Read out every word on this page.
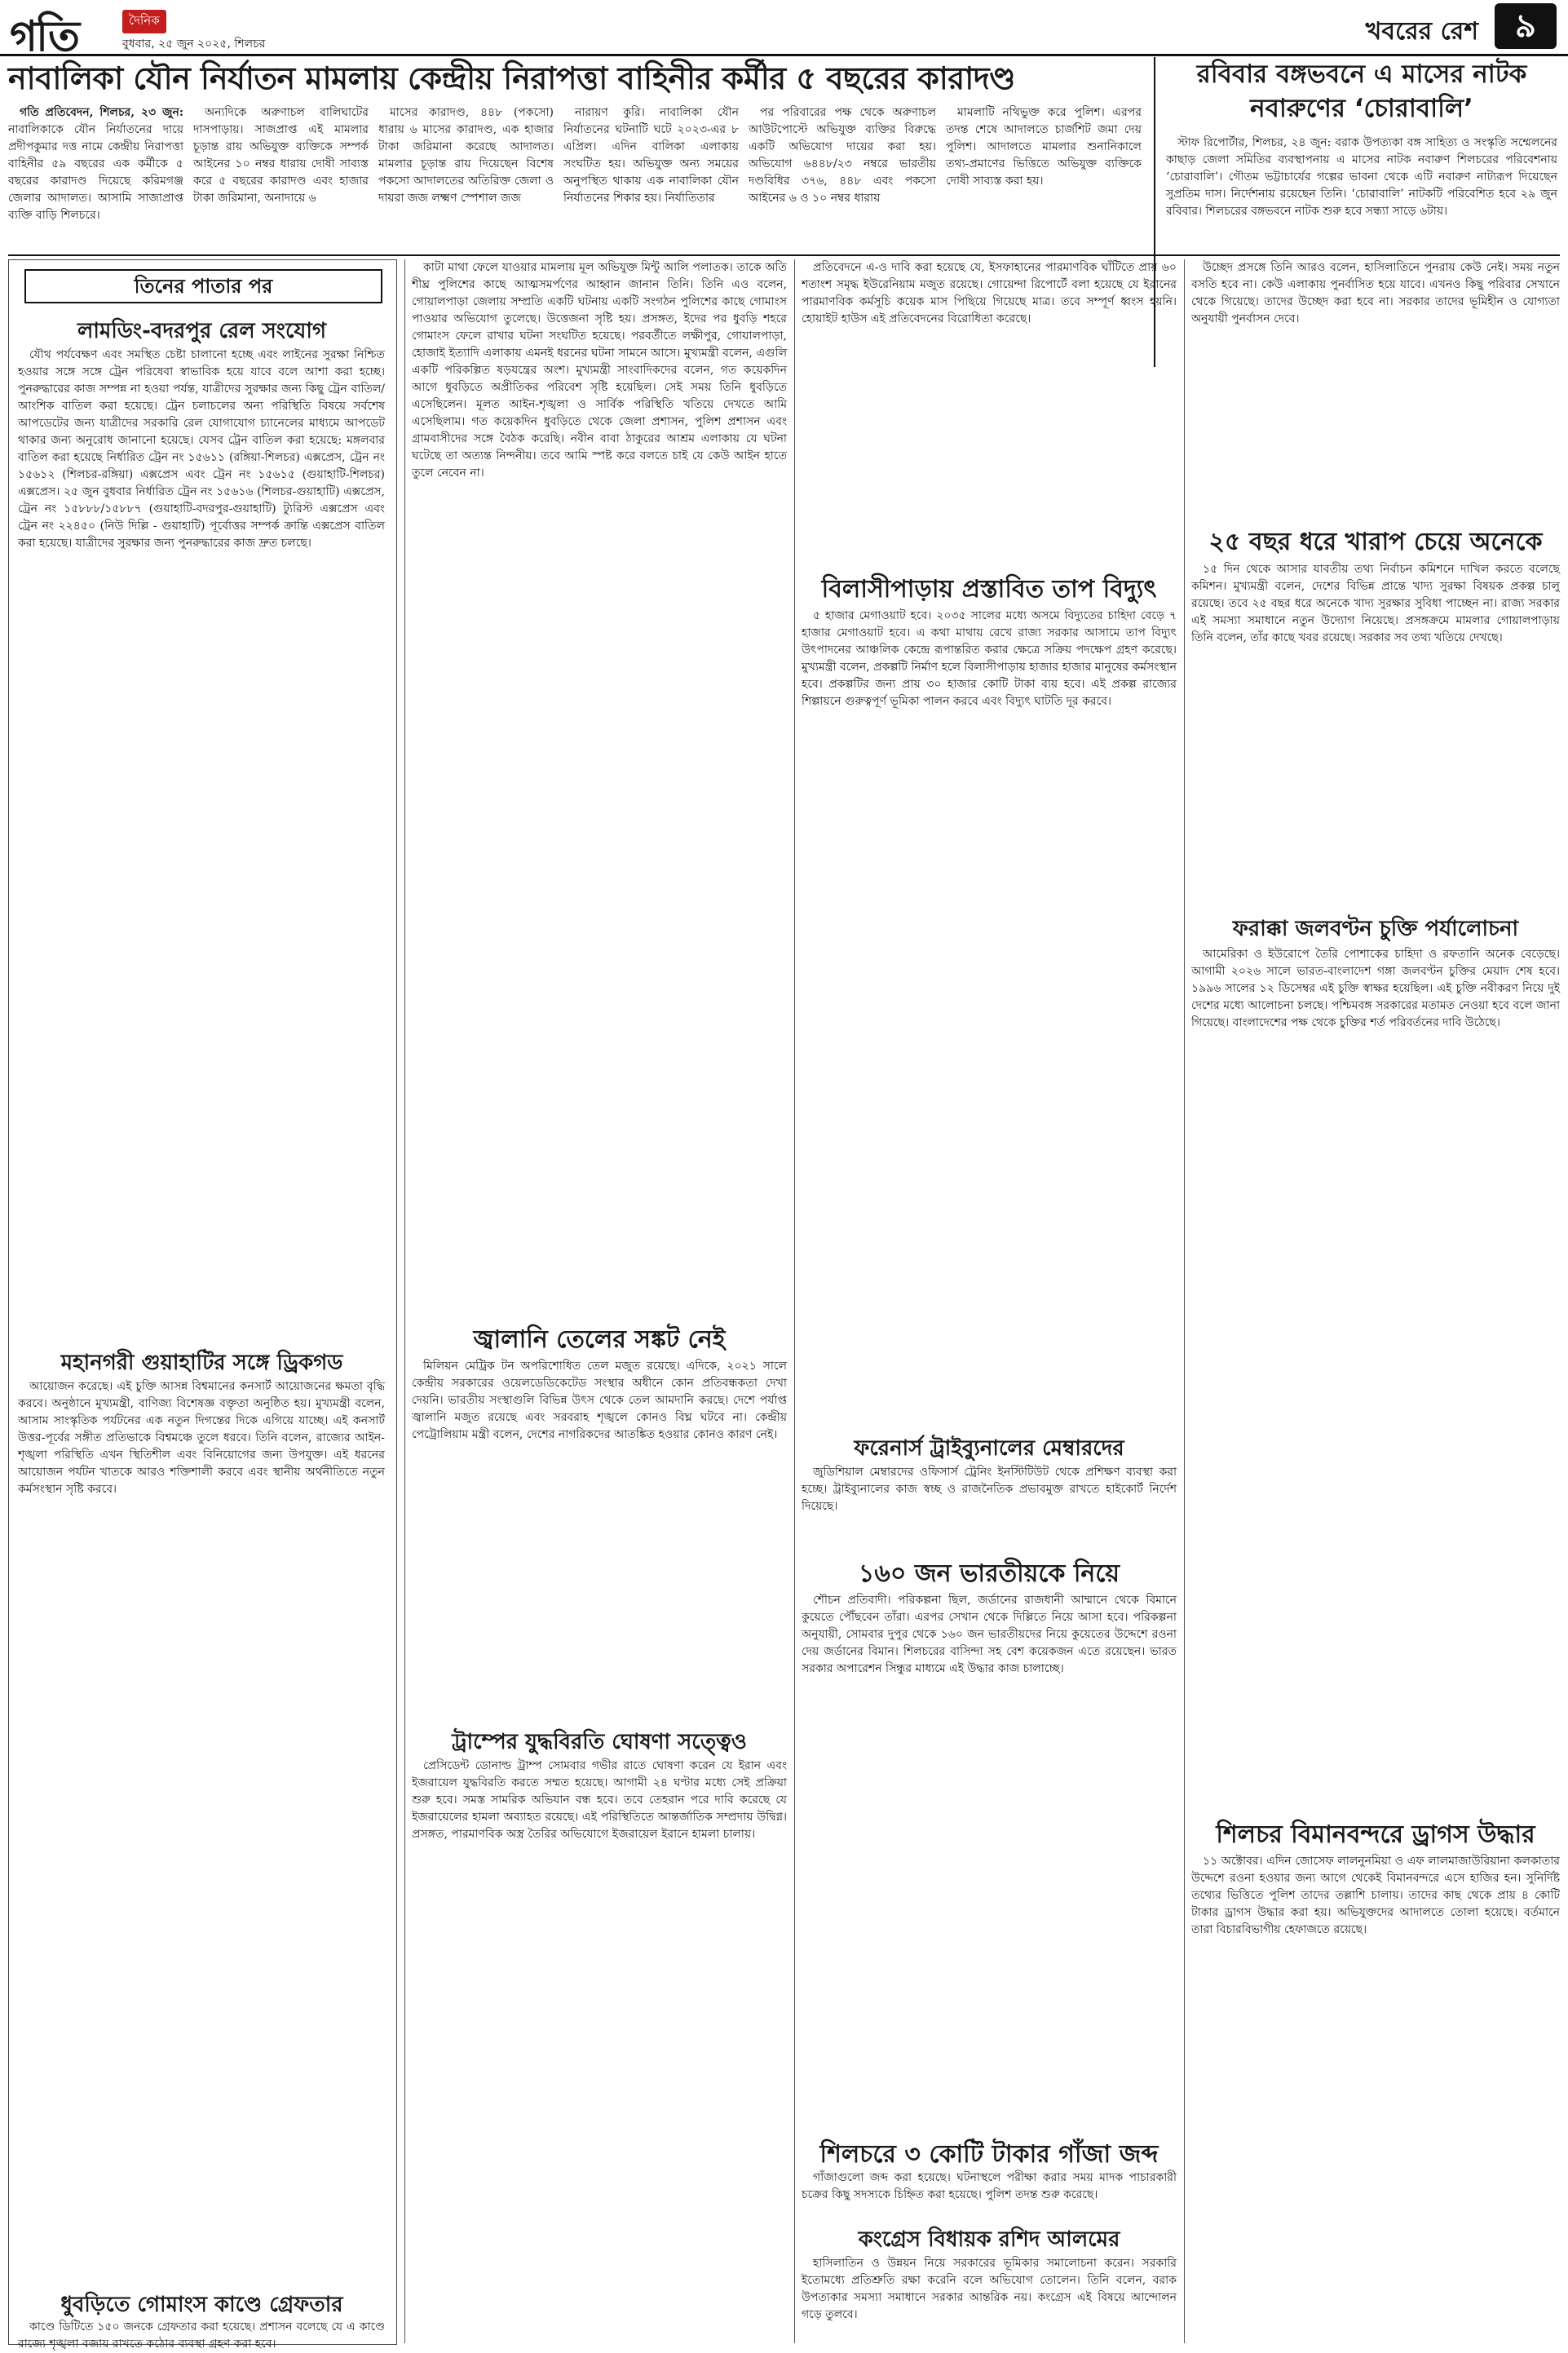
গতি	দৈনিক
বুধবার, ২৫ জুন ২০২৫, শিলচর	খবরের রেশ	৯
নাবালিকা যৌন নির্যাতন মামলায় কেন্দ্রীয় নিরাপত্তা বাহিনীর কর্মীর ৫ বছরের কারাদণ্ড

গতি প্রতিবেদন, শিলচর, ২৩ জুন: নাবালিকাকে যৌন নির্যাতনের দায়ে প্রদীপকুমার দত্ত নামে কেন্দ্রীয় নিরাপত্তা বাহিনীর ৫৯ বছরের এক কর্মীকে ৫ বছরের কারাদণ্ড দিয়েছে করিমগঞ্জ জেলার আদালত। আসামি সাজাপ্রাপ্ত ব্যক্তি বাড়ি শিলচরে।

অন্যদিকে অরুণাচল বালিঘাটের দাসপাড়ায়। সাজপ্রাপ্ত এই মামলার চূড়ান্ত রায় অভিযুক্ত ব্যক্তিকে সম্পর্ক আইনের ১০ নম্বর ধারায় দোষী সাব্যস্ত করে ৫ বছরের কারাদণ্ড এবং হাজার টাকা জরিমানা, অনাদায়ে ৬

মাসের কারাদণ্ড, ৪৪৮ (পকসো) ধারায় ৬ মাসের কারাদণ্ড, এক হাজার টাকা জরিমানা করেছে আদালত। মামলার চূড়ান্ত রায় দিয়েছেন বিশেষ পকসো আদালতের অতিরিক্ত জেলা ও দায়রা জজ লক্ষ্মণ স্পেশাল জজ

নারায়ণ কুরি। নাবালিকা যৌন নির্যাতনের ঘটনাটি ঘটে ২০২৩-এর ৮ এপ্রিল। এদিন বালিকা এলাকায় সংঘটিত হয়। অভিযুক্ত অন্য সময়ের অনুপস্থিত থাকায় এক নাবালিকা যৌন নির্যাতনের শিকার হয়। নির্যাতিতার

পর পরিবারের পক্ষ থেকে অরুণাচল আউটপোস্টে অভিযুক্ত ব্যক্তির বিরুদ্ধে একটি অভিযোগ দায়ের করা হয়। অভিযোগ ৬৪৪৮/২৩ নম্বরে ভারতীয় দণ্ডবিধির ৩৭৬, ৪৪৮ এবং পকসো আইনের ৬ ও ১০ নম্বর ধারায়

মামলাটি নথিভুক্ত করে পুলিশ। এরপর তদন্ত শেষে আদালতে চার্জশিট জমা দেয় পুলিশ। আদালতে মামলার শুনানিকালে তথ্য-প্রমাণের ভিত্তিতে অভিযুক্ত ব্যক্তিকে দোষী সাব্যস্ত করা হয়।

রবিবার বঙ্গভবনে এ মাসের নাটক নবারুণের ‘চোরাবালি’

স্টাফ রিপোর্টার, শিলচর, ২৪ জুন: বরাক উপত্যকা বঙ্গ সাহিত্য ও সংস্কৃতি সম্মেলনের কাছাড় জেলা সমিতির ব্যবস্থাপনায় এ মাসের নাটক নবারুণ শিলচরের পরিবেশনায় ‘চোরাবালি’। গৌতম ভট্টাচার্যের গল্পের ভাবনা থেকে এটি নবারুণ নাট্যরূপ দিয়েছেন সুপ্রতিম দাস। নির্দেশনায় রয়েছেন তিনি। ‘চোরাবালি’ নাটকটি পরিবেশিত হবে ২৯ জুন রবিবার। শিলচরের বঙ্গভবনে নাটক শুরু হবে সন্ধ্যা সাড়ে ৬টায়।

তিনের পাতার পর
লামডিং-বদরপুর রেল সংযোগ

যৌথ পর্যবেক্ষণ এবং সমস্থিত চেষ্টা চালানো হচ্ছে এবং লাইনের সুরক্ষা নিশ্চিত হওয়ার সঙ্গে সঙ্গে ট্রেন পরিষেবা স্বাভাবিক হয়ে যাবে বলে আশা করা হচ্ছে। পুনরুদ্ধারের কাজ সম্পন্ন না হওয়া পর্যন্ত, যাত্রীদের সুরক্ষার জন্য কিছু ট্রেন বাতিল/আংশিক বাতিল করা হয়েছে। ট্রেন চলাচলের অন্য পরিস্থিতি বিষয়ে সর্বশেষ আপডেটের জন্য যাত্রীদের সরকারি রেল যোগাযোগ চ্যানেলের মাধ্যমে আপডেট থাকার জন্য অনুরোধ জানানো হয়েছে। যেসব ট্রেন বাতিল করা হয়েছে: মঙ্গলবার বাতিল করা হয়েছে নির্ধারিত ট্রেন নং ১৫৬১১ (রঙ্গিয়া-শিলচর) এক্সপ্রেস, ট্রেন নং ১৫৬১২ (শিলচর-রঙ্গিয়া) এক্সপ্রেস এবং ট্রেন নং ১৫৬১৫ (গুয়াহাটি-শিলচর) এক্সপ্রেস। ২৫ জুন বুধবার নির্ধারিত ট্রেন নং ১৫৬১৬ (শিলচর-গুয়াহাটি) এক্সপ্রেস, ট্রেন নং ১৫৮৮৮/১৫৮৮৭ (গুয়াহাটি-বদরপুর-গুয়াহাটি) ট্যুরিস্ট এক্সপ্রেস এবং ট্রেন নং ২২৪৫০ (নিউ দিল্লি - গুয়াহাটি) পূর্বোত্তর সম্পর্ক ক্রান্তি এক্সপ্রেস বাতিল করা হয়েছে। যাত্রীদের সুরক্ষার জন্য পুনরুদ্ধারের কাজ দ্রুত চলছে।

মহানগরী গুয়াহাটির সঙ্গে ড্রিকগড

আয়োজন করেছে। এই চুক্তি আসন্ন বিশ্বমানের কনসার্ট আয়োজনের ক্ষমতা বৃদ্ধি করবে। অনুষ্ঠানে মুখ্যমন্ত্রী, বাণিজ্য বিশেষজ্ঞ বক্তৃতা অনুষ্ঠিত হয়। মুখ্যমন্ত্রী বলেন, আসাম সাংস্কৃতিক পর্যটনের এক নতুন দিগন্তের দিকে এগিয়ে যাচ্ছে। এই কনসার্ট উত্তর-পূর্বের সঙ্গীত প্রতিভাকে বিশ্বমঞ্চে তুলে ধরবে। তিনি বলেন, রাজ্যের আইন-শৃঙ্খলা পরিস্থিতি এখন স্থিতিশীল এবং বিনিয়োগের জন্য উপযুক্ত। এই ধরনের আয়োজন পর্যটন খাতকে আরও শক্তিশালী করবে এবং স্থানীয় অর্থনীতিতে নতুন কর্মসংস্থান সৃষ্টি করবে।

ধুবড়িতে গোমাংস কাণ্ডে গ্রেফতার

কাণ্ডে ডিটিতে ১৫০ জনকে গ্রেফতার করা হয়েছে। প্রশাসন বলেছে যে এ কাণ্ডে রাজ্যে শৃঙ্খলা বজায় রাখতে কঠোর ব্যবস্থা গ্রহণ করা হবে।

কাটা মাথা ফেলে যাওয়ার মামলায় মূল অভিযুক্ত মিন্টু আলি পলাতক। তাকে অতি শীঘ্র পুলিশের কাছে আত্মসমর্পণের আহ্বান জানান তিনি। তিনি এও বলেন, গোয়ালপাড়া জেলায় সম্প্রতি একটি ঘটনায় একটি সংগঠন পুলিশের কাছে গোমাংস পাওয়ার অভিযোগ তুলেছে। উত্তেজনা সৃষ্টি হয়। প্রসঙ্গত, ইদের পর ধুবড়ি শহরে গোমাংস ফেলে রাখার ঘটনা সংঘটিত হয়েছে। পরবর্তীতে লক্ষীপুর, গোয়ালপাড়া, হোজাই ইত্যাদি এলাকায় এমনই ধরনের ঘটনা সামনে আসে। মুখ্যমন্ত্রী বলেন, এগুলি একটি পরিকল্পিত ষড়যন্ত্রের অংশ। মুখ্যমন্ত্রী সাংবাদিকদের বলেন, গত কয়েকদিন আগে ধুবড়িতে অপ্রীতিকর পরিবেশ সৃষ্টি হয়েছিল। সেই সময় তিনি ধুবড়িতে এসেছিলেন। মূলত আইন-শৃঙ্খলা ও সার্বিক পরিস্থিতি খতিয়ে দেখতে আমি এসেছিলাম। গত কয়েকদিন ধুবড়িতে থেকে জেলা প্রশাসন, পুলিশ প্রশাসন এবং গ্রামবাসীদের সঙ্গে বৈঠক করেছি। নবীন বাবা ঠাকুরের আশ্রম এলাকায় যে ঘটনা ঘটেছে তা অত্যন্ত নিন্দনীয়। তবে আমি স্পষ্ট করে বলতে চাই যে কেউ আইন হাতে তুলে নেবেন না।

জ্বালানি তেলের সঙ্কট নেই

মিলিয়ন মেট্রিক টন অপরিশোধিত তেল মজুত রয়েছে। এদিকে, ২০২১ সালে কেন্দ্রীয় সরকারের ওয়েলডেডিকেটেড সংস্থার অধীনে কোন প্রতিবন্ধকতা দেখা দেয়নি। ভারতীয় সংস্থাগুলি বিভিন্ন উৎস থেকে তেল আমদানি করছে। দেশে পর্যাপ্ত জ্বালানি মজুত রয়েছে এবং সরবরাহ শৃঙ্খলে কোনও বিঘ্ন ঘটবে না। কেন্দ্রীয় পেট্রোলিয়াম মন্ত্রী বলেন, দেশের নাগরিকদের আতঙ্কিত হওয়ার কোনও কারণ নেই।

ট্রাম্পের যুদ্ধবিরতি ঘোষণা সত্ত্বেও

প্রেসিডেন্ট ডোনাল্ড ট্রাম্প সোমবার গভীর রাতে ঘোষণা করেন যে ইরান এবং ইজরায়েল যুদ্ধবিরতি করতে সম্মত হয়েছে। আগামী ২৪ ঘণ্টার মধ্যে সেই প্রক্রিয়া শুরু হবে। সমস্ত সামরিক অভিযান বন্ধ হবে। তবে তেহরান পরে দাবি করেছে যে ইজরায়েলের হামলা অব্যাহত রয়েছে। এই পরিস্থিতিতে আন্তর্জাতিক সম্প্রদায় উদ্বিগ্ন। প্রসঙ্গত, পারমাণবিক অস্ত্র তৈরির অভিযোগে ইজরায়েল ইরানে হামলা চালায়।

প্রতিবেদনে এ-ও দাবি করা হয়েছে যে, ইসফাহানের পারমাণবিক ঘাঁটিতে প্রায় ৬০ শতাংশ সমৃদ্ধ ইউরেনিয়াম মজুত রয়েছে। গোয়েন্দা রিপোর্টে বলা হয়েছে যে ইরানের পারমাণবিক কর্মসূচি কয়েক মাস পিছিয়ে গিয়েছে মাত্র। তবে সম্পূর্ণ ধ্বংস হয়নি। হোয়াইট হাউস এই প্রতিবেদনের বিরোধিতা করেছে।

বিলাসীপাড়ায় প্রস্তাবিত তাপ বিদ্যুৎ

৫ হাজার মেগাওয়াট হবে। ২০৩৫ সালের মধ্যে অসমে বিদ্যুতের চাহিদা বেড়ে ৭ হাজার মেগাওয়াট হবে। এ কথা মাথায় রেখে রাজ্য সরকার আসামে তাপ বিদ্যুৎ উৎপাদনের আঞ্চলিক কেন্দ্রে রূপান্তরিত করার ক্ষেত্রে সক্রিয় পদক্ষেপ গ্রহণ করেছে। মুখ্যমন্ত্রী বলেন, প্রকল্পটি নির্মাণ হলে বিলাসীপাড়ায় হাজার হাজার মানুষের কর্মসংস্থান হবে। প্রকল্পটির জন্য প্রায় ৩০ হাজার কোটি টাকা ব্যয় হবে। এই প্রকল্প রাজ্যের শিল্পায়নে গুরুত্বপূর্ণ ভূমিকা পালন করবে এবং বিদ্যুৎ ঘাটতি দূর করবে।

ফরেনার্স ট্রাইব্যুনালের মেম্বারদের

জুডিশিয়াল মেম্বারদের ওফিসার্স ট্রেনিং ইনস্টিটিউট থেকে প্রশিক্ষণ ব্যবস্থা করা হচ্ছে। ট্রাইব্যুনালের কাজ স্বচ্ছ ও রাজনৈতিক প্রভাবমুক্ত রাখতে হাইকোর্ট নির্দেশ দিয়েছে।

১৬০ জন ভারতীয়কে নিয়ে

শৌচন প্রতিবাদী। পরিকল্পনা ছিল, জর্ডানের রাজধানী আম্মানে থেকে বিমানে কুয়েতে পৌঁছবেন তাঁরা। এরপর সেখান থেকে দিল্লিতে নিয়ে আসা হবে। পরিকল্পনা অনুযায়ী, সোমবার দুপুর থেকে ১৬০ জন ভারতীয়দের নিয়ে কুয়েতের উদ্দেশে রওনা দেয় জর্ডানের বিমান। শিলচরের বাসিন্দা সহ বেশ কয়েকজন এতে রয়েছেন। ভারত সরকার অপারেশন সিন্ধুর মাধ্যমে এই উদ্ধার কাজ চালাচ্ছে।

শিলচরে ৩ কোটি টাকার গাঁজা জব্দ

গাঁজাগুলো জব্দ করা হয়েছে। ঘটনাস্থলে পরীক্ষা করার সময় মাদক পাচারকারী চক্রের কিছু সদস্যকে চিহ্নিত করা হয়েছে। পুলিশ তদন্ত শুরু করেছে।

কংগ্রেস বিধায়ক রশিদ আলমের

হাসিলাতিন ও উন্নয়ন নিয়ে সরকারের ভূমিকার সমালোচনা করেন। সরকারি ইতোমধ্যে প্রতিশ্রুতি রক্ষা করেনি বলে অভিযোগ তোলেন। তিনি বলেন, বরাক উপত্যকার সমস্যা সমাধানে সরকার আন্তরিক নয়। কংগ্রেস এই বিষয়ে আন্দোলন গড়ে তুলবে।

উচ্ছেদ প্রসঙ্গে তিনি আরও বলেন, হাসিলাতিনে পুনরায় কেউ নেই। সময় নতুন বসতি হবে না। কেউ এলাকায় পুনর্বাসিত হয়ে যাবে। এখনও কিছু পরিবার সেখানে থেকে গিয়েছে। তাদের উচ্ছেদ করা হবে না। সরকার তাদের ভূমিহীন ও যোগ্যতা অনুযায়ী পুনর্বাসন দেবে।

২৫ বছর ধরে খারাপ চেয়ে অনেকে

১৫ দিন থেকে আসার যাবতীয় তথ্য নির্বাচন কমিশনে দাখিল করতে বলেছে কমিশন। মুখ্যমন্ত্রী বলেন, দেশের বিভিন্ন প্রান্তে খাদ্য সুরক্ষা বিষয়ক প্রকল্প চালু রয়েছে। তবে ২৫ বছর ধরে অনেকে খাদ্য সুরক্ষার সুবিধা পাচ্ছেন না। রাজ্য সরকার এই সমস্যা সমাধানে নতুন উদ্যোগ নিয়েছে। প্রসঙ্গক্রমে মামলার গোয়ালপাড়ায় তিনি বলেন, তাঁর কাছে খবর রয়েছে। সরকার সব তথ্য খতিয়ে দেখছে।

ফরাক্কা জলবণ্টন চুক্তি পর্যালোচনা

আমেরিকা ও ইউরোপে তৈরি পোশাকের চাহিদা ও রফতানি অনেক বেড়েছে। আগামী ২০২৬ সালে ভারত-বাংলাদেশ গঙ্গা জলবণ্টন চুক্তির মেয়াদ শেষ হবে। ১৯৯৬ সালের ১২ ডিসেম্বর এই চুক্তি স্বাক্ষর হয়েছিল। এই চুক্তি নবীকরণ নিয়ে দুই দেশের মধ্যে আলোচনা চলছে। পশ্চিমবঙ্গ সরকারের মতামত নেওয়া হবে বলে জানা গিয়েছে। বাংলাদেশের পক্ষ থেকে চুক্তির শর্ত পরিবর্তনের দাবি উঠেছে।

শিলচর বিমানবন্দরে ড্রাগস উদ্ধার

১১ অক্টোবর। এদিন জোসেফ লালনুনমিয়া ও এফ লালমাজাউরিয়ানা কলকাতার উদ্দেশে রওনা হওয়ার জন্য আগে থেকেই বিমানবন্দরে এসে হাজির হন। সুনির্দিষ্ট তথ্যের ভিত্তিতে পুলিশ তাদের তল্লাশি চালায়। তাদের কাছ থেকে প্রায় ৪ কোটি টাকার ড্রাগস উদ্ধার করা হয়। অভিযুক্তদের আদালতে তোলা হয়েছে। বর্তমানে তারা বিচারবিভাগীয় হেফাজতে রয়েছে।
